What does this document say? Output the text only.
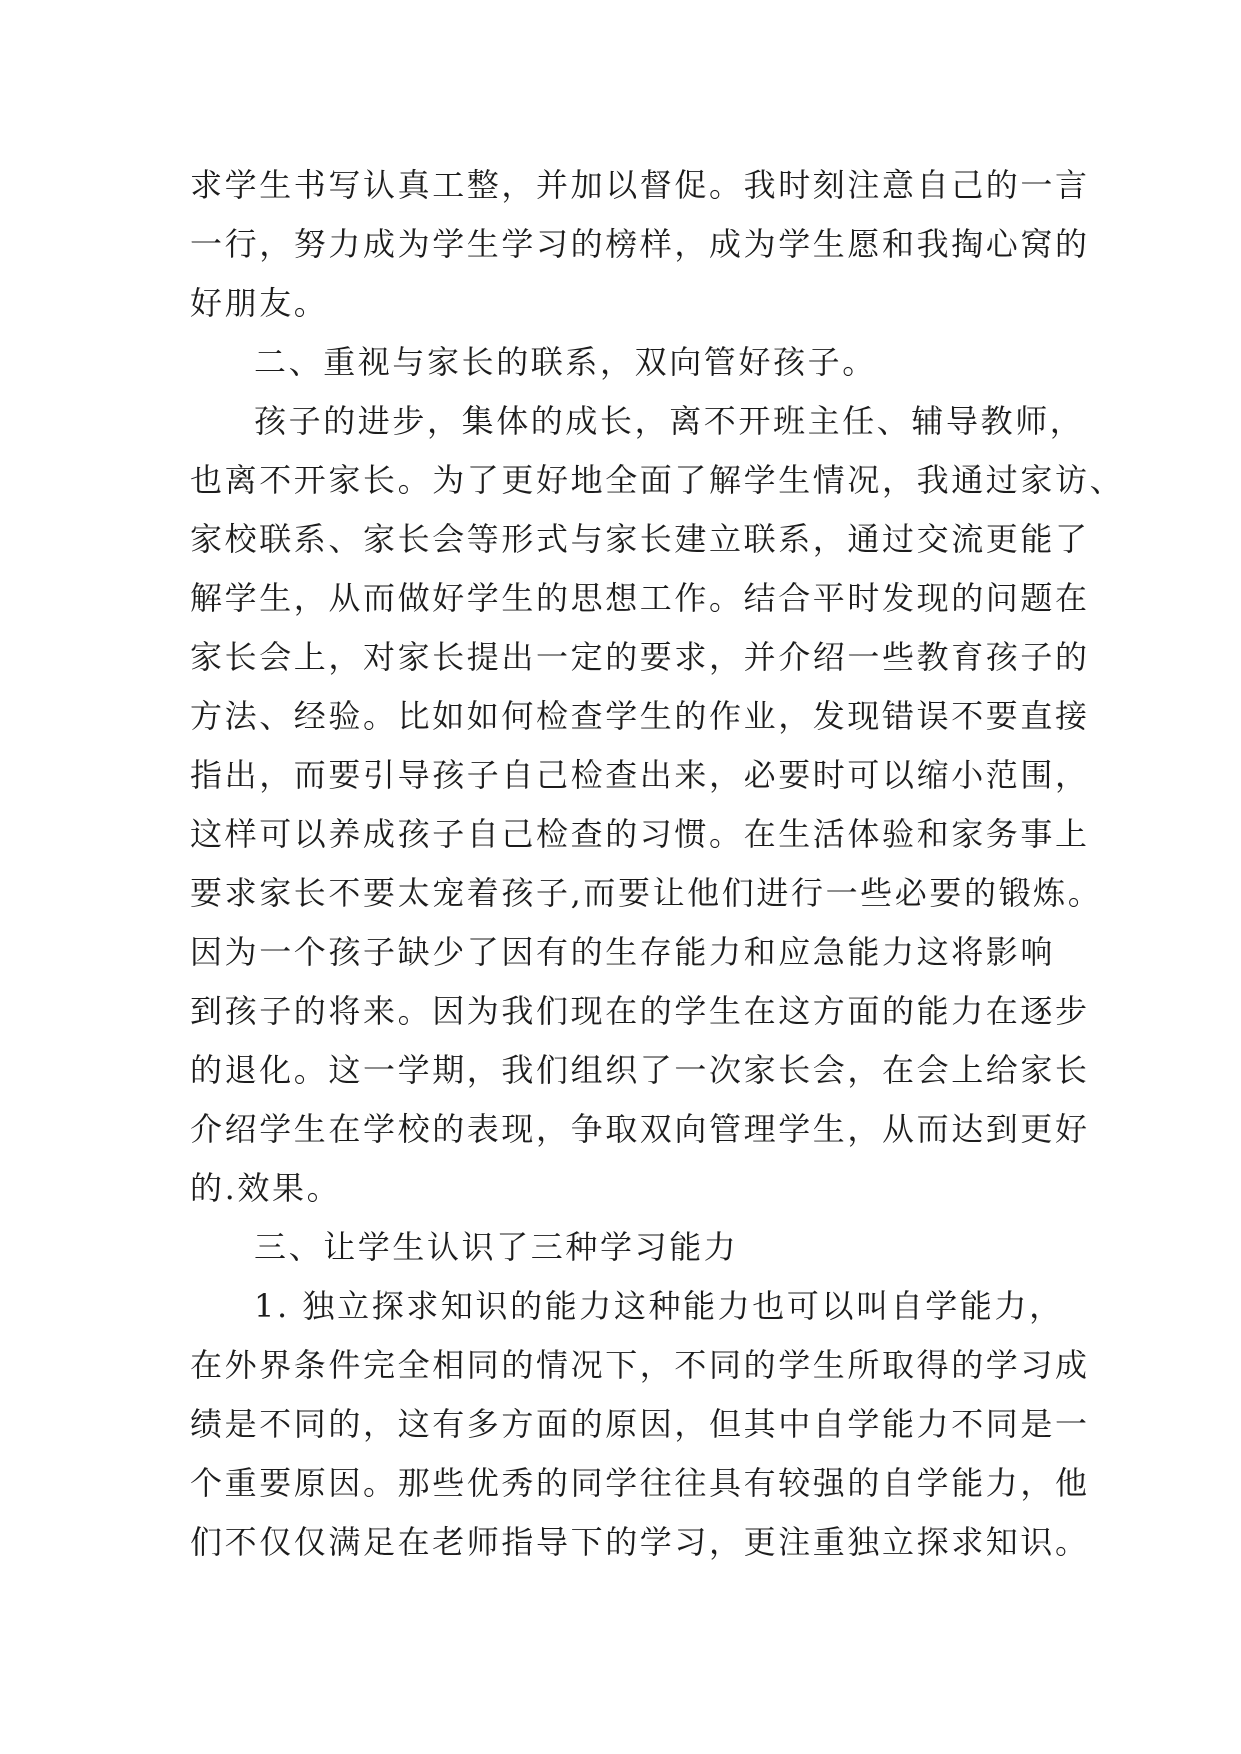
求学生书写认真工整，并加以督促。我时刻注意自己的一言
一行，努力成为学生学习的榜样，成为学生愿和我掏心窝的
好朋友。
二、重视与家长的联系，双向管好孩子。
孩子的进步，集体的成长，离不开班主任、辅导教师，
也离不开家长。为了更好地全面了解学生情况，我通过家访、
家校联系、家长会等形式与家长建立联系，通过交流更能了
解学生，从而做好学生的思想工作。结合平时发现的问题在
家长会上，对家长提出一定的要求，并介绍一些教育孩子的
方法、经验。比如如何检查学生的作业，发现错误不要直接
指出，而要引导孩子自己检查出来，必要时可以缩小范围，
这样可以养成孩子自己检查的习惯。在生活体验和家务事上
要求家长不要太宠着孩子,而要让他们进行一些必要的锻炼。
因为一个孩子缺少了因有的生存能力和应急能力这将影响
到孩子的将来。因为我们现在的学生在这方面的能力在逐步
的退化。这一学期，我们组织了一次家长会，在会上给家长
介绍学生在学校的表现，争取双向管理学生，从而达到更好
的.效果。
三、让学生认识了三种学习能力
1. 独立探求知识的能力这种能力也可以叫自学能力，
在外界条件完全相同的情况下，不同的学生所取得的学习成
绩是不同的，这有多方面的原因，但其中自学能力不同是一
个重要原因。那些优秀的同学往往具有较强的自学能力，他
们不仅仅满足在老师指导下的学习，更注重独立探求知识。
